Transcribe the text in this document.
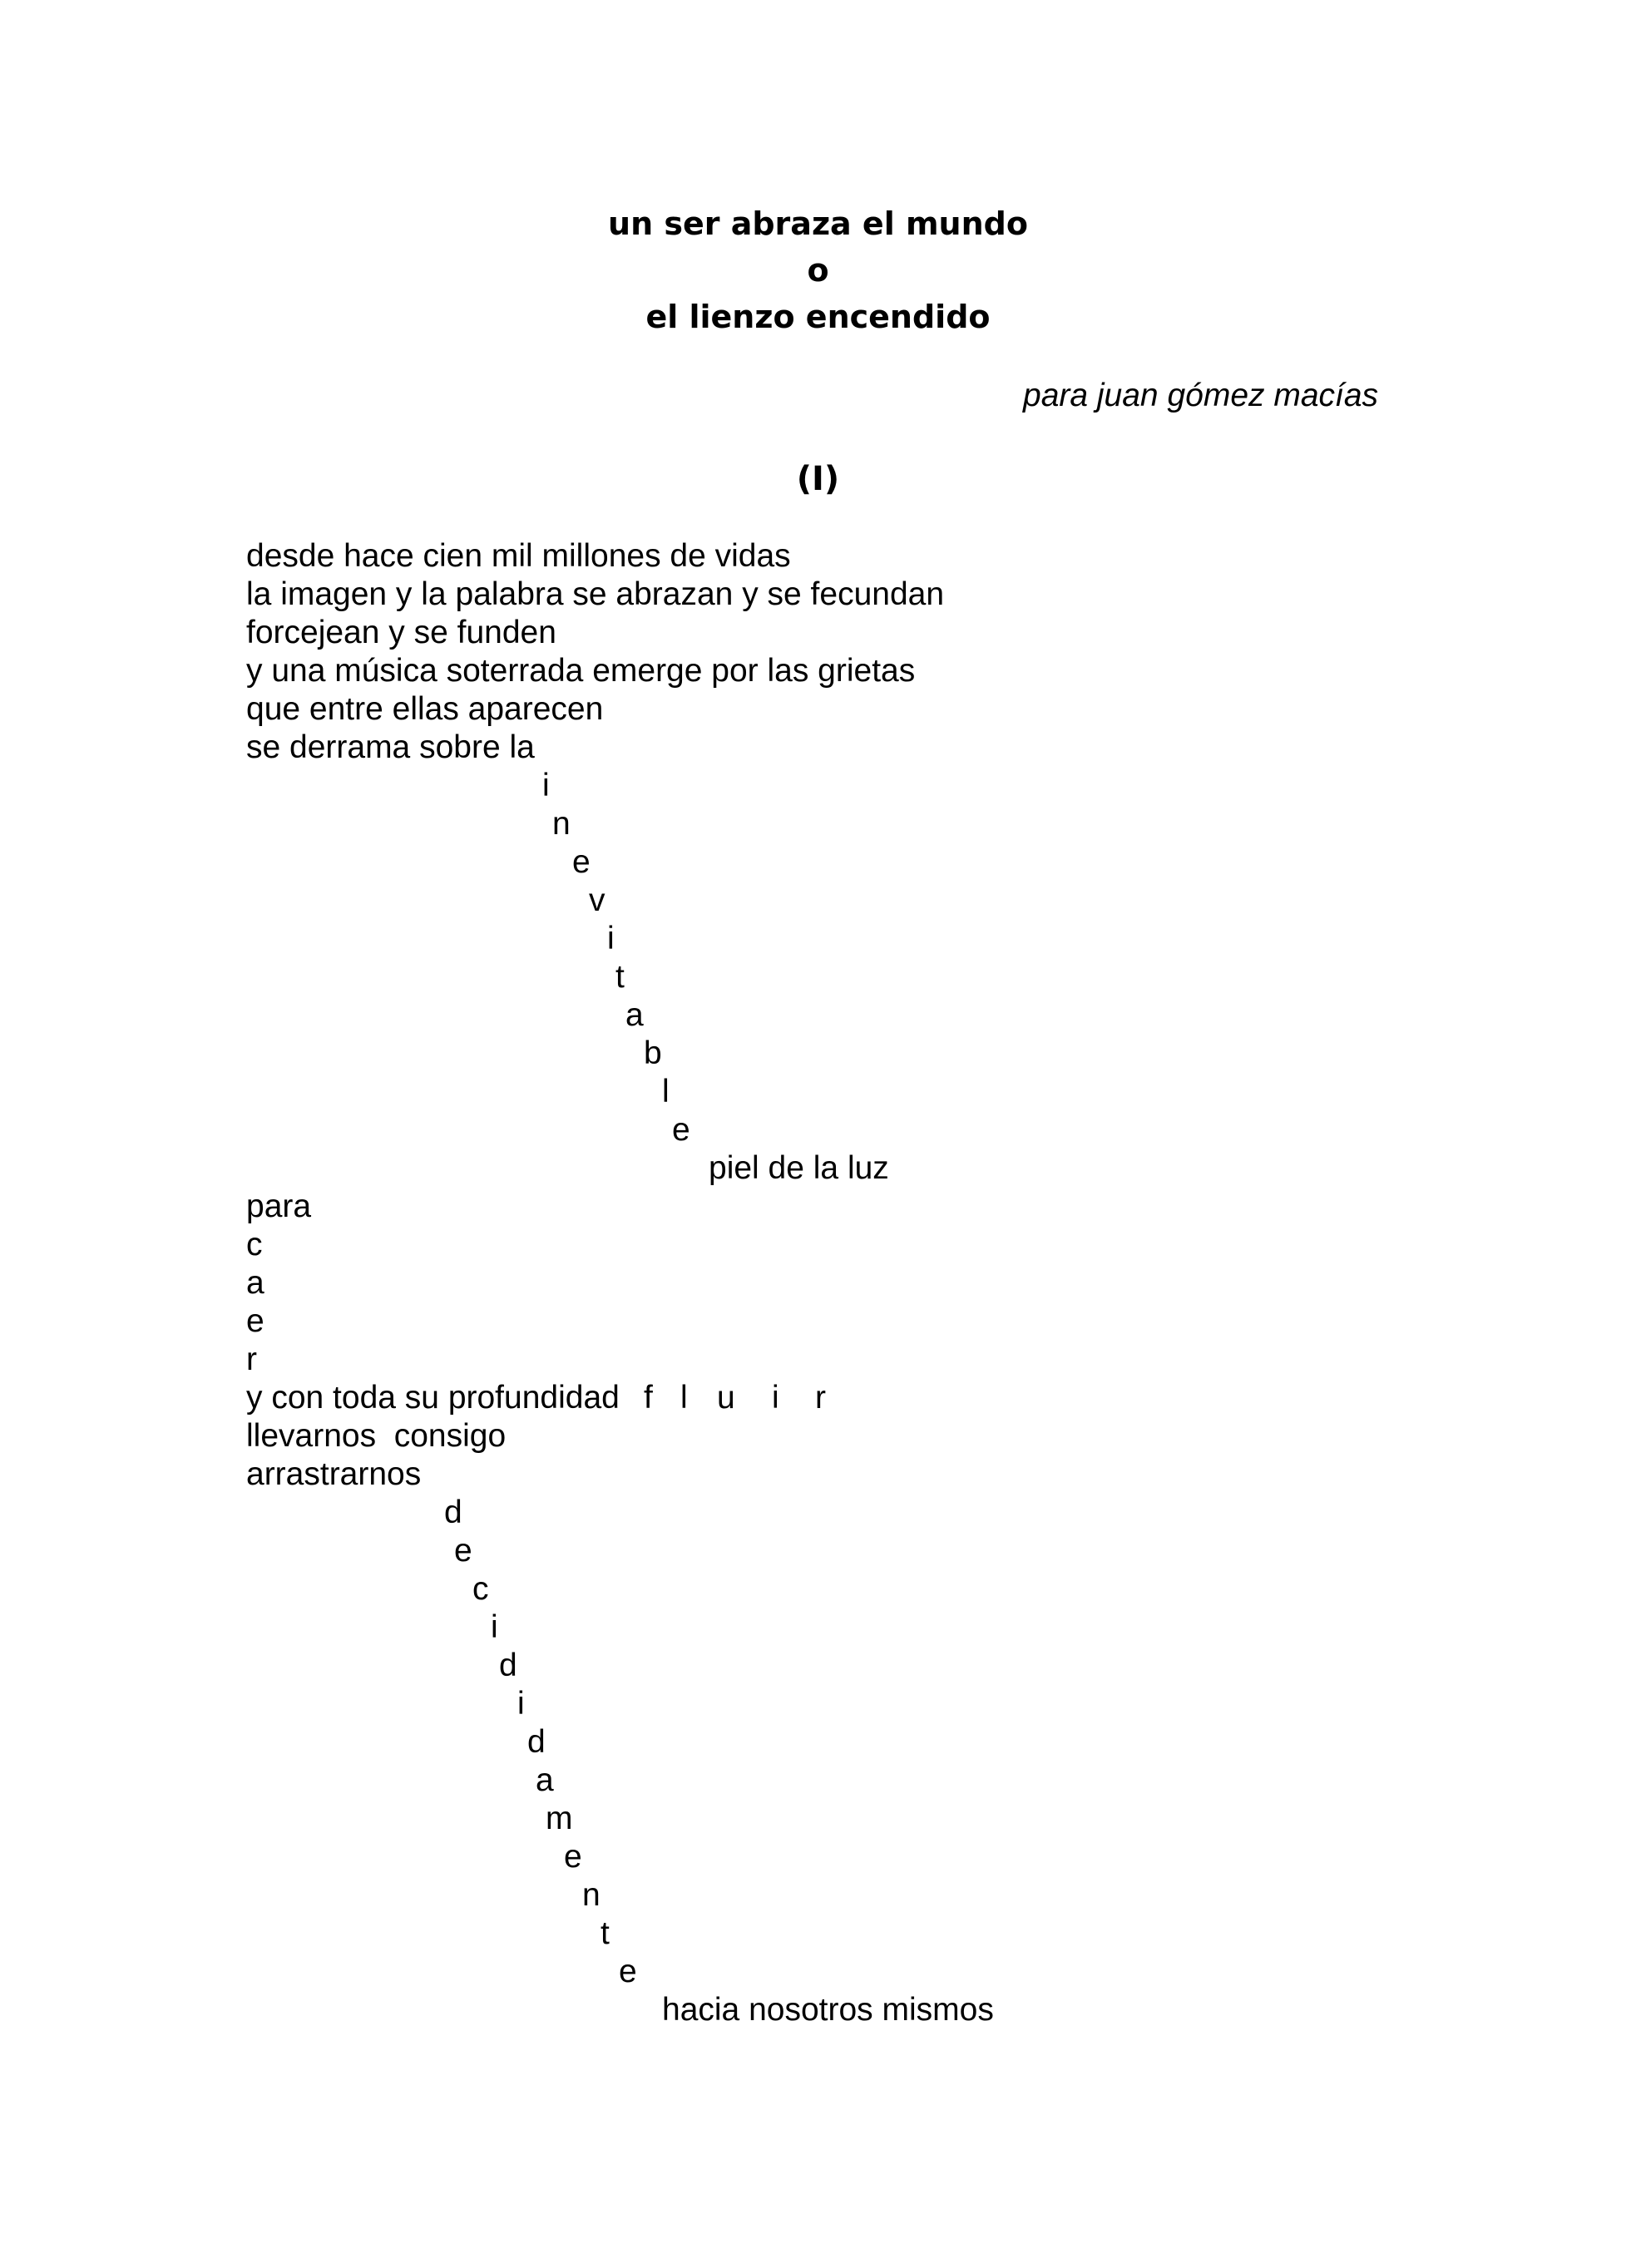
un ser abraza el mundo
o
el lienzo encendido
para juan gómez macías
(I)
desde hace cien mil millones de vidas
la imagen y la palabra se abrazan y se fecundan
forcejean y se funden
y una música soterrada emerge por las grietas
que entre ellas aparecen
se derrama sobre la
i
n
e
v
i
t
a
b
l
e
piel de la luz
para
c
a
e
r
y con toda su profundidad f l u i r
llevarnos  consigo
arrastrarnos
d
e
c
i
d
i
d
a
m
e
n
t
e
hacia nosotros mismos
